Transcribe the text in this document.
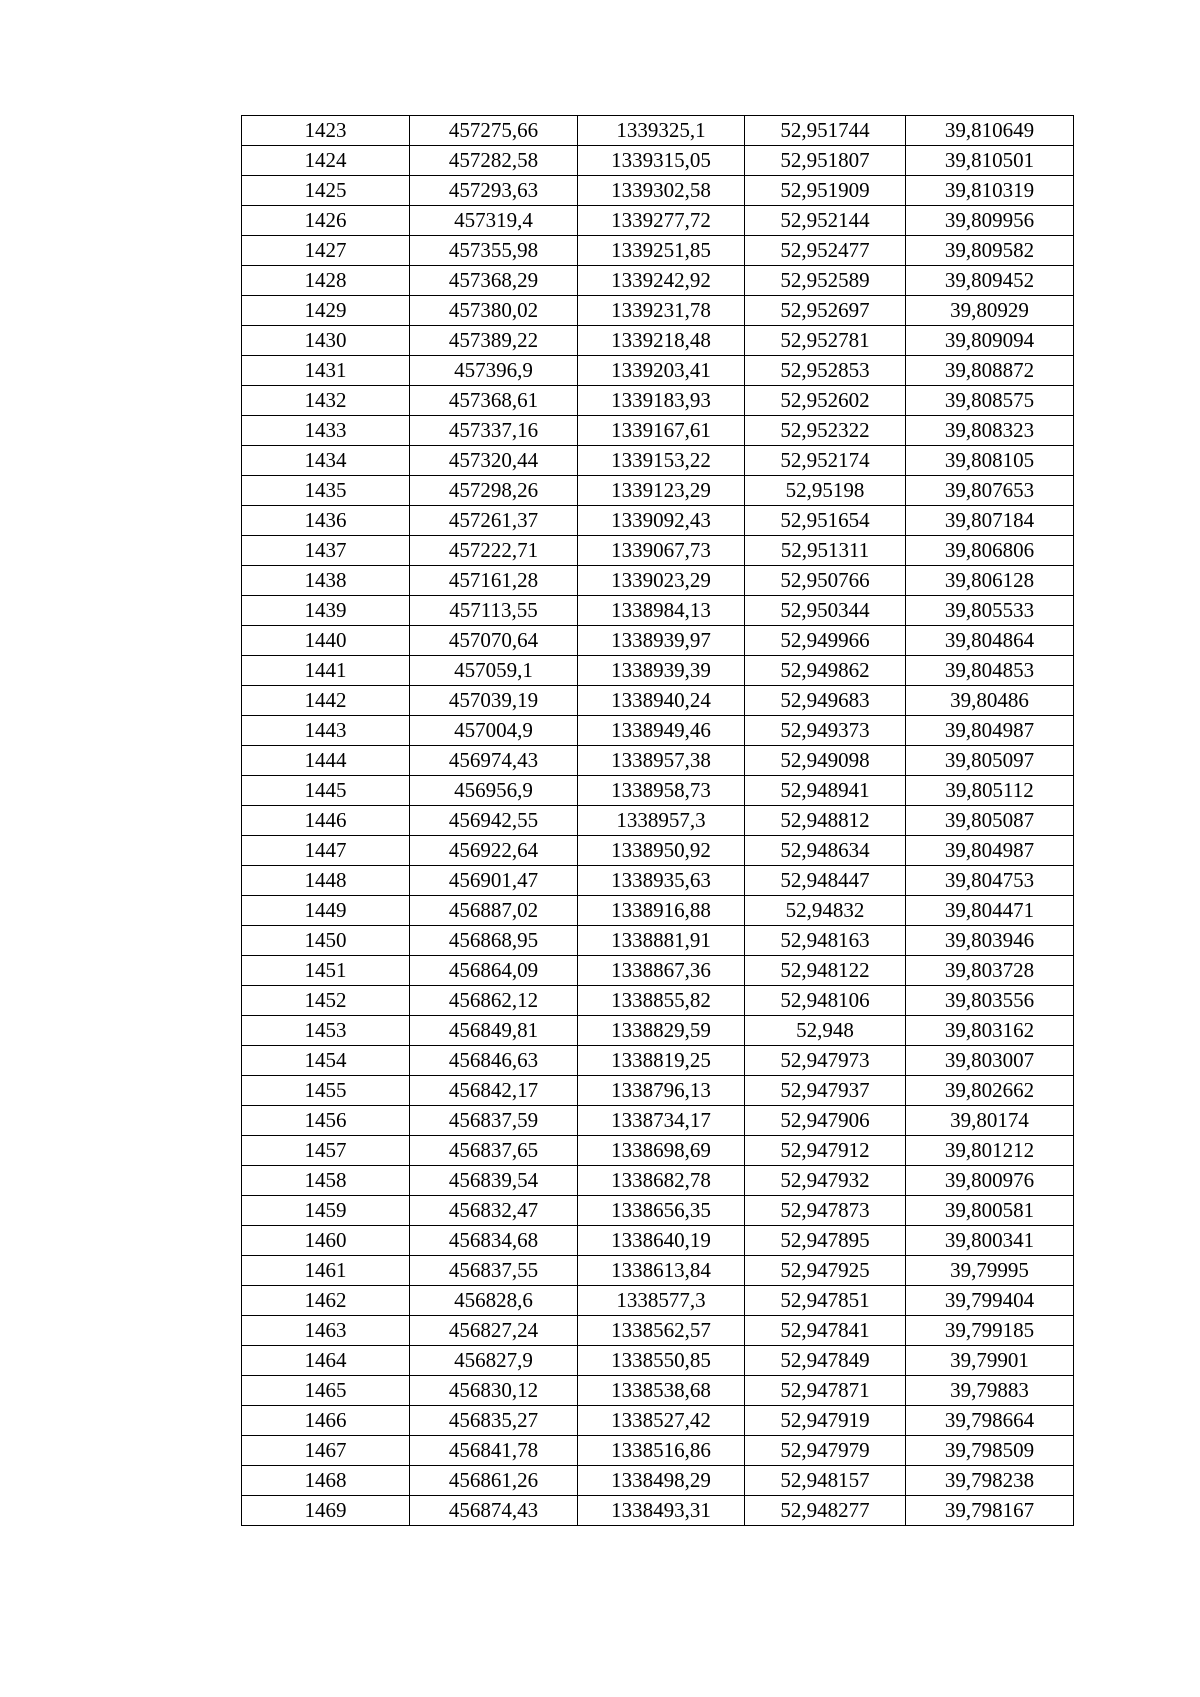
1423	457275,66	1339325,1	52,951744	39,810649
1424	457282,58	1339315,05	52,951807	39,810501
1425	457293,63	1339302,58	52,951909	39,810319
1426	457319,4	1339277,72	52,952144	39,809956
1427	457355,98	1339251,85	52,952477	39,809582
1428	457368,29	1339242,92	52,952589	39,809452
1429	457380,02	1339231,78	52,952697	39,80929
1430	457389,22	1339218,48	52,952781	39,809094
1431	457396,9	1339203,41	52,952853	39,808872
1432	457368,61	1339183,93	52,952602	39,808575
1433	457337,16	1339167,61	52,952322	39,808323
1434	457320,44	1339153,22	52,952174	39,808105
1435	457298,26	1339123,29	52,95198	39,807653
1436	457261,37	1339092,43	52,951654	39,807184
1437	457222,71	1339067,73	52,951311	39,806806
1438	457161,28	1339023,29	52,950766	39,806128
1439	457113,55	1338984,13	52,950344	39,805533
1440	457070,64	1338939,97	52,949966	39,804864
1441	457059,1	1338939,39	52,949862	39,804853
1442	457039,19	1338940,24	52,949683	39,80486
1443	457004,9	1338949,46	52,949373	39,804987
1444	456974,43	1338957,38	52,949098	39,805097
1445	456956,9	1338958,73	52,948941	39,805112
1446	456942,55	1338957,3	52,948812	39,805087
1447	456922,64	1338950,92	52,948634	39,804987
1448	456901,47	1338935,63	52,948447	39,804753
1449	456887,02	1338916,88	52,94832	39,804471
1450	456868,95	1338881,91	52,948163	39,803946
1451	456864,09	1338867,36	52,948122	39,803728
1452	456862,12	1338855,82	52,948106	39,803556
1453	456849,81	1338829,59	52,948	39,803162
1454	456846,63	1338819,25	52,947973	39,803007
1455	456842,17	1338796,13	52,947937	39,802662
1456	456837,59	1338734,17	52,947906	39,80174
1457	456837,65	1338698,69	52,947912	39,801212
1458	456839,54	1338682,78	52,947932	39,800976
1459	456832,47	1338656,35	52,947873	39,800581
1460	456834,68	1338640,19	52,947895	39,800341
1461	456837,55	1338613,84	52,947925	39,79995
1462	456828,6	1338577,3	52,947851	39,799404
1463	456827,24	1338562,57	52,947841	39,799185
1464	456827,9	1338550,85	52,947849	39,79901
1465	456830,12	1338538,68	52,947871	39,79883
1466	456835,27	1338527,42	52,947919	39,798664
1467	456841,78	1338516,86	52,947979	39,798509
1468	456861,26	1338498,29	52,948157	39,798238
1469	456874,43	1338493,31	52,948277	39,798167
